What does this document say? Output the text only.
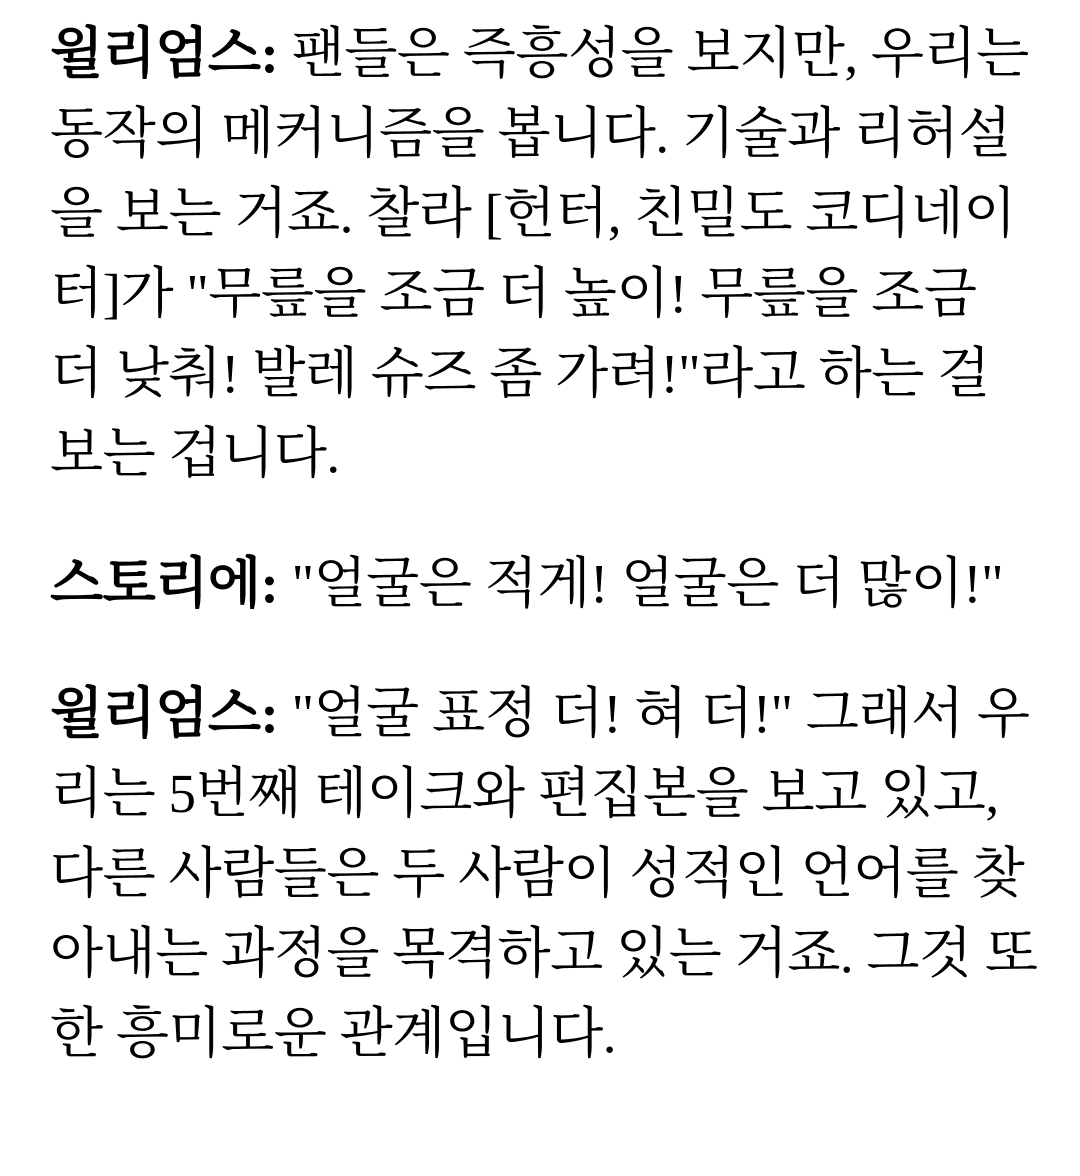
윌리엄스: 팬들은 즉흥성을 보지만, 우리는 동작의 메커니즘을 봅니다. 기술과 리허설을 보는 거죠. 찰라 [헌터, 친밀도 코디네이터]가 "무릎을 조금 더 높이! 무릎을 조금 더 낮춰! 발레 슈즈 좀 가려!"라고 하는 걸 보는 겁니다.

스토리에: "얼굴은 적게! 얼굴은 더 많이!"

윌리엄스: "얼굴 표정 더! 혀 더!" 그래서 우리는 5번째 테이크와 편집본을 보고 있고, 다른 사람들은 두 사람이 성적인 언어를 찾아내는 과정을 목격하고 있는 거죠. 그것 또한 흥미로운 관계입니다.
